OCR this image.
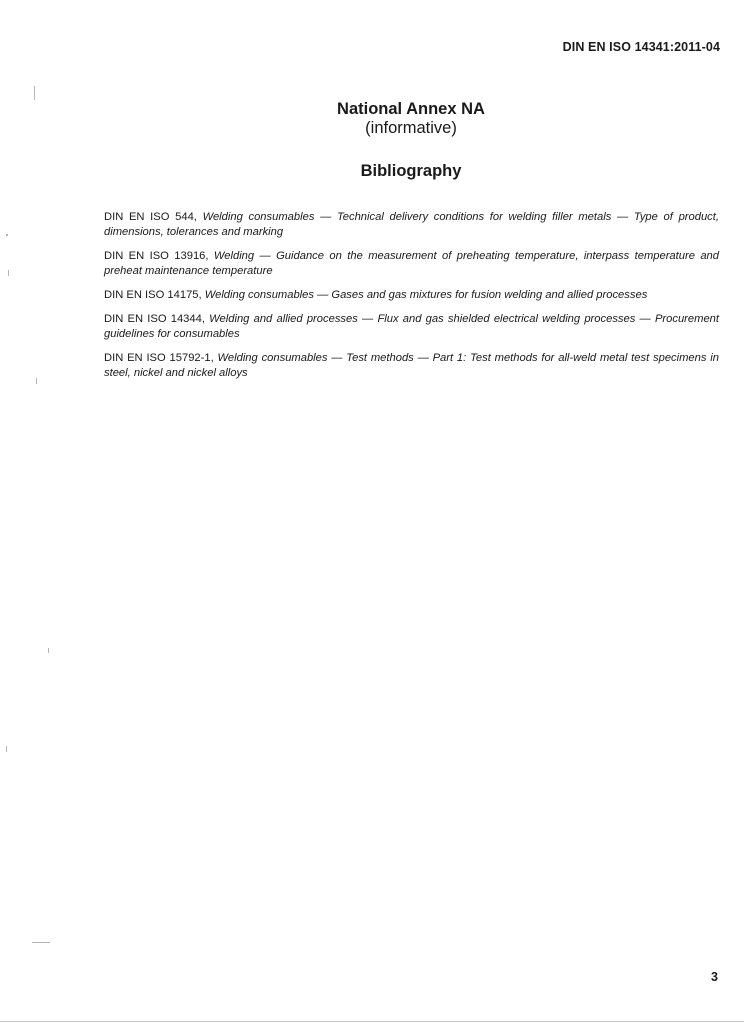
DIN EN ISO 14341:2011-04

National Annex NA

(informative)

Bibliography

DIN EN ISO 544, Welding consumables — Technical delivery conditions for welding filler metals — Type of product, dimensions, tolerances and marking
DIN EN ISO 13916, Welding — Guidance on the measurement of preheating temperature, interpass temperature and preheat maintenance temperature
DIN EN ISO 14175, Welding consumables — Gases and gas mixtures for fusion welding and allied processes
DIN EN ISO 14344, Welding and allied processes — Flux and gas shielded electrical welding processes — Procurement guidelines for consumables
DIN EN ISO 15792-1, Welding consumables — Test methods — Part 1: Test methods for all-weld metal test specimens in steel, nickel and nickel alloys

3
